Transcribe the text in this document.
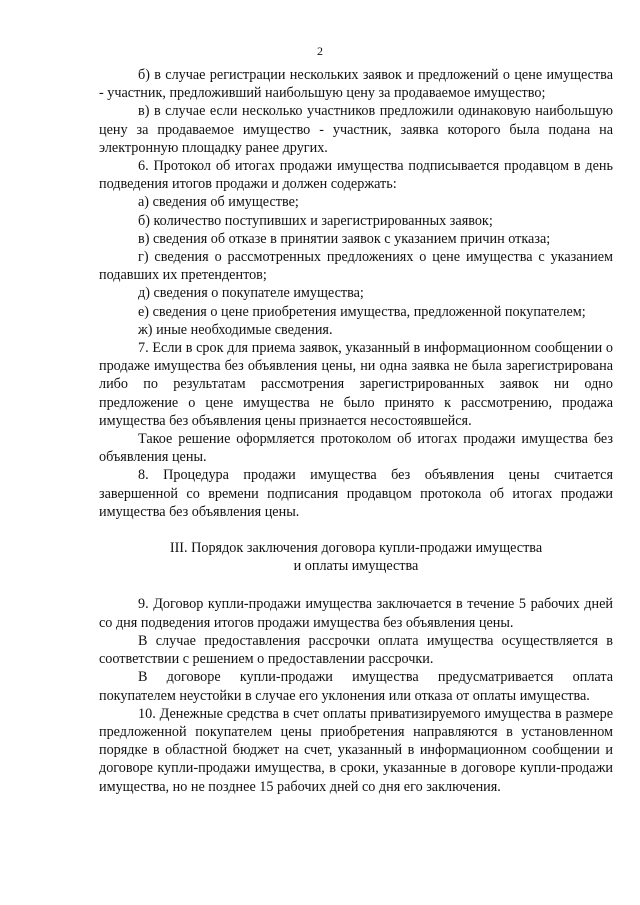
2

б) в случае регистрации нескольких заявок и предложений о цене имущества - участник, предложивший наибольшую цену за продаваемое имущество;

в) в случае если несколько участников предложили одинаковую наибольшую цену за продаваемое имущество - участник, заявка которого была подана на электронную площадку ранее других.

6. Протокол об итогах продажи имущества подписывается продавцом в день подведения итогов продажи и должен содержать:

а) сведения об имуществе;

б) количество поступивших и зарегистрированных заявок;

в) сведения об отказе в принятии заявок с указанием причин отказа;

г) сведения о рассмотренных предложениях о цене имущества с указанием подавших их претендентов;

д) сведения о покупателе имущества;

е) сведения о цене приобретения имущества, предложенной покупателем;

ж) иные необходимые сведения.

7. Если в срок для приема заявок, указанный в информационном сообщении о продаже имущества без объявления цены, ни одна заявка не была зарегистрирована либо по результатам рассмотрения зарегистрированных заявок ни одно предложение о цене имущества не было принято к рассмотрению, продажа имущества без объявления цены признается несостоявшейся.

Такое решение оформляется протоколом об итогах продажи имущества без объявления цены.

8. Процедура продажи имущества без объявления цены считается завершенной со времени подписания продавцом протокола об итогах продажи имущества без объявления цены.

III. Порядок заключения договора купли-продажи имущества
и оплаты имущества

9. Договор купли-продажи имущества заключается в течение 5 рабочих дней со дня подведения итогов продажи имущества без объявления цены.

В случае предоставления рассрочки оплата имущества осуществляется в соответствии с решением о предоставлении рассрочки.

В договоре купли-продажи имущества предусматривается оплата покупателем неустойки в случае его уклонения или отказа от оплаты имущества.

10. Денежные средства в счет оплаты приватизируемого имущества в размере предложенной покупателем цены приобретения направляются в установленном порядке в областной бюджет на счет, указанный в информационном сообщении и договоре купли-продажи имущества, в сроки, указанные в договоре купли-продажи имущества, но не позднее 15 рабочих дней со дня его заключения.
